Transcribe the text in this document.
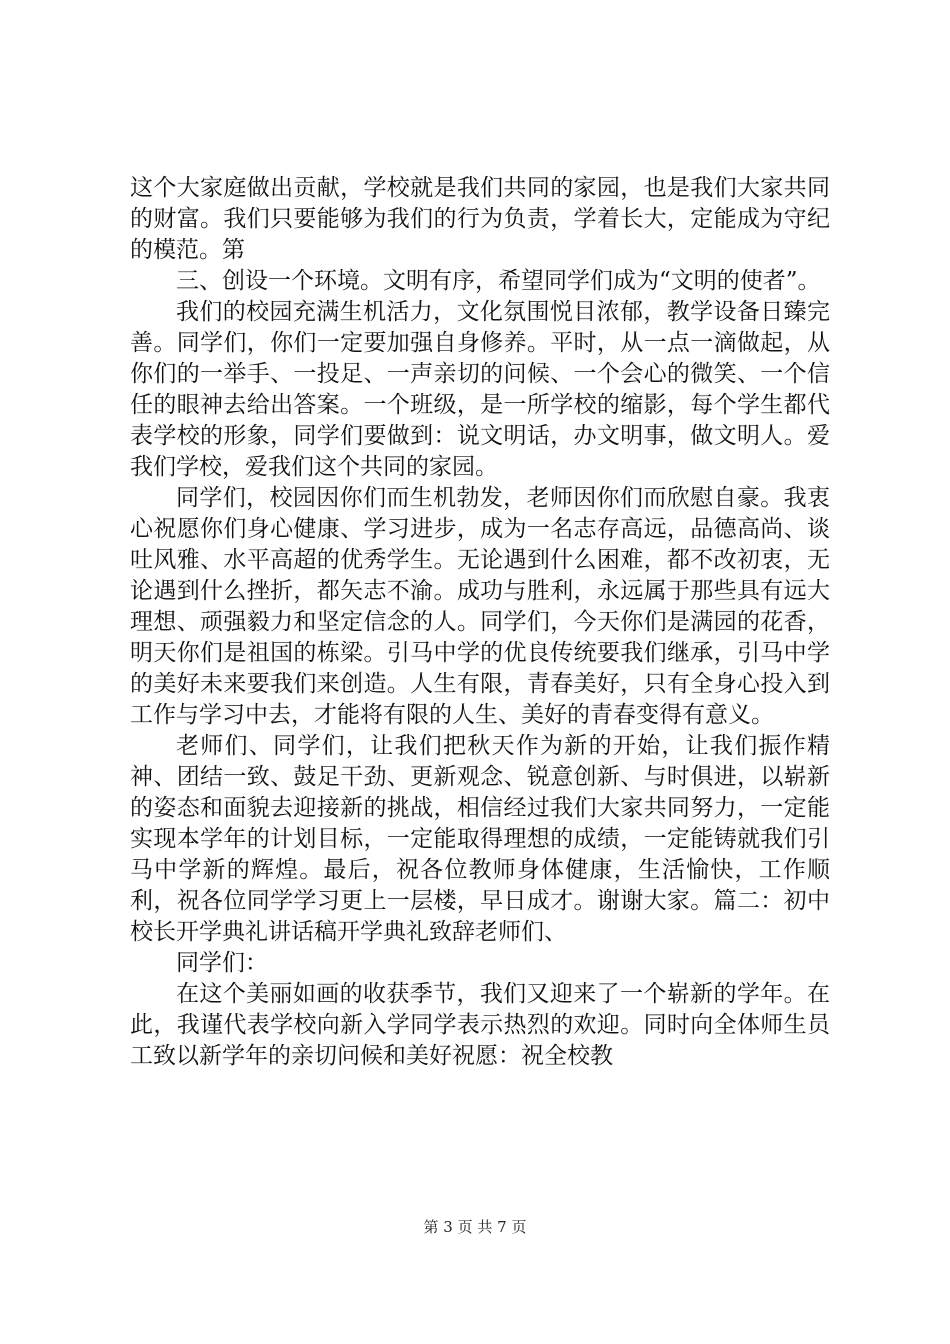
这个大家庭做出贡献，学校就是我们共同的家园，也是我们大家共同的财富。我们只要能够为我们的行为负责，学着长大，定能成为守纪的模范。第

三、创设一个环境。文明有序，希望同学们成为“文明的使者”。

我们的校园充满生机活力，文化氛围悦目浓郁，教学设备日臻完善。同学们，你们一定要加强自身修养。平时，从一点一滴做起，从你们的一举手、一投足、一声亲切的问候、一个会心的微笑、一个信任的眼神去给出答案。一个班级，是一所学校的缩影，每个学生都代表学校的形象，同学们要做到：说文明话，办文明事，做文明人。爱我们学校，爱我们这个共同的家园。

同学们，校园因你们而生机勃发，老师因你们而欣慰自豪。我衷心祝愿你们身心健康、学习进步，成为一名志存高远，品德高尚、谈吐风雅、水平高超的优秀学生。无论遇到什么困难，都不改初衷，无论遇到什么挫折，都矢志不渝。成功与胜利，永远属于那些具有远大理想、顽强毅力和坚定信念的人。同学们，今天你们是满园的花香，明天你们是祖国的栋梁。引马中学的优良传统要我们继承，引马中学的美好未来要我们来创造。人生有限，青春美好，只有全身心投入到工作与学习中去，才能将有限的人生、美好的青春变得有意义。

老师们、同学们，让我们把秋天作为新的开始，让我们振作精神、团结一致、鼓足干劲、更新观念、锐意创新、与时俱进，以崭新的姿态和面貌去迎接新的挑战，相信经过我们大家共同努力，一定能实现本学年的计划目标，一定能取得理想的成绩，一定能铸就我们引马中学新的辉煌。最后，祝各位教师身体健康，生活愉快，工作顺利，祝各位同学学习更上一层楼，早日成才。谢谢大家。篇二：初中校长开学典礼讲话稿开学典礼致辞老师们、

同学们：

在这个美丽如画的收获季节，我们又迎来了一个崭新的学年。在此，我谨代表学校向新入学同学表示热烈的欢迎。同时向全体师生员工致以新学年的亲切问候和美好祝愿：祝全校教

第 3 页 共 7 页
